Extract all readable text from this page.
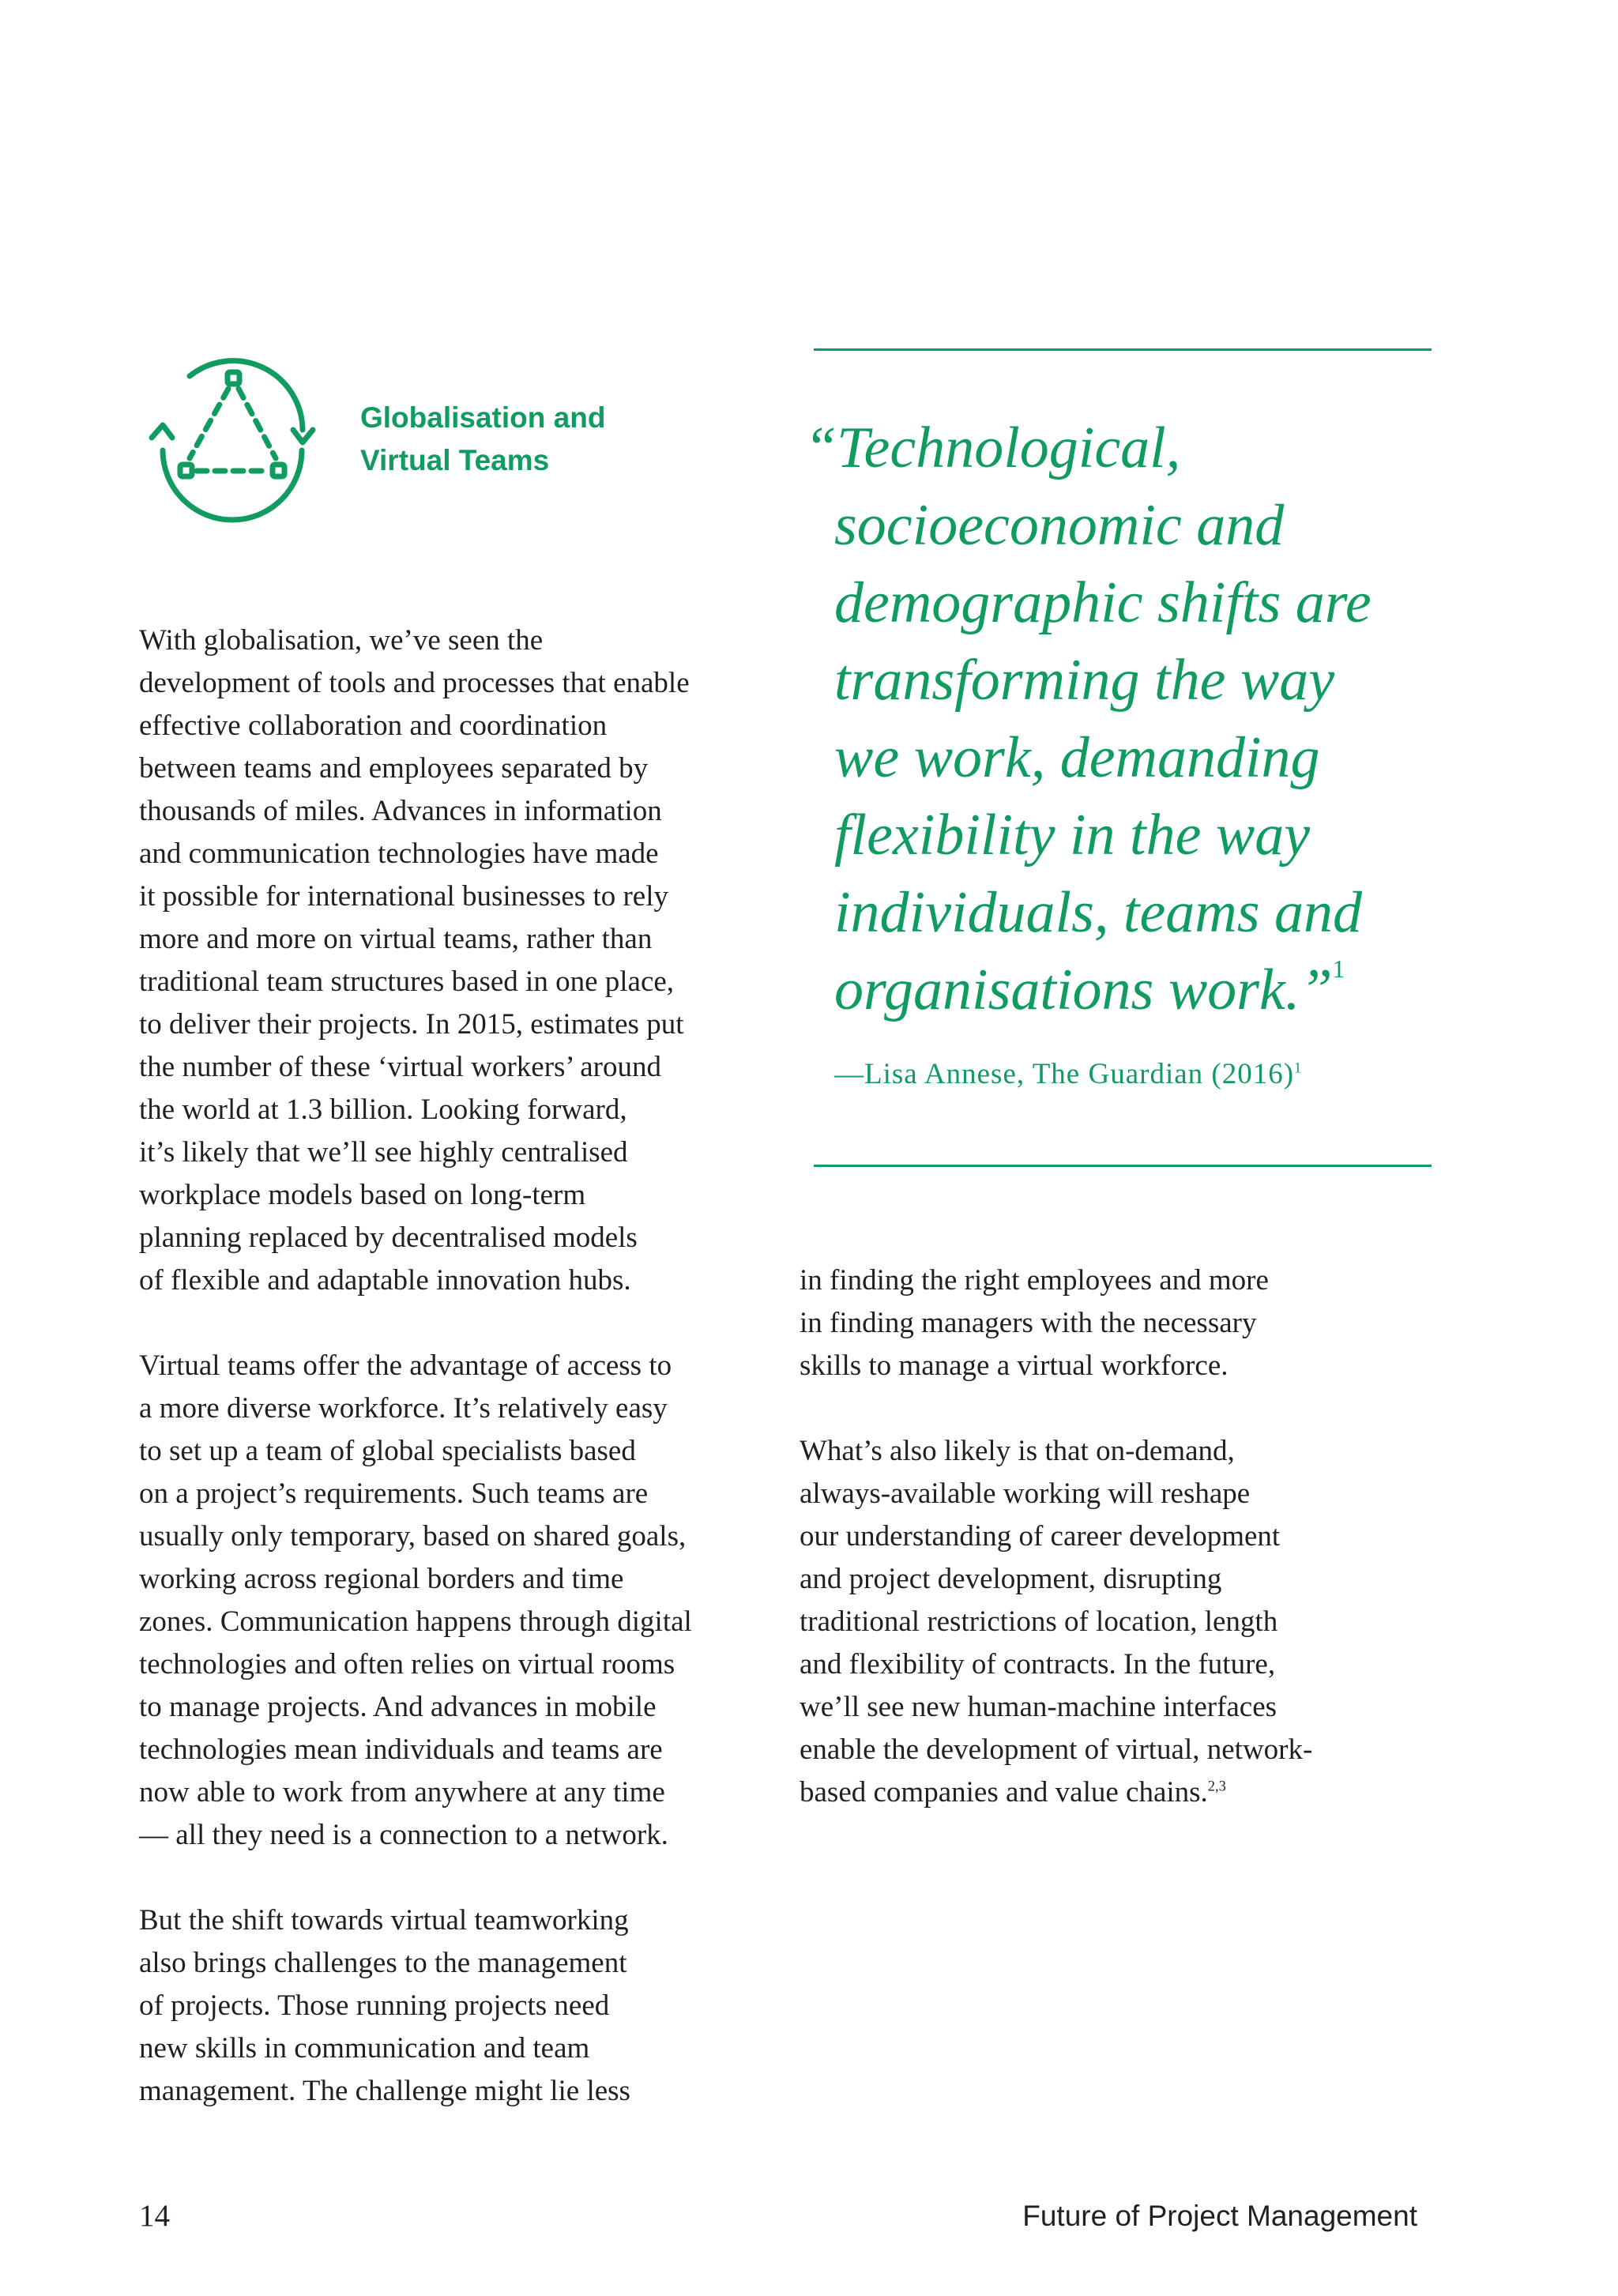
Globalisation and
Virtual Teams

With globalisation, we’ve seen the
development of tools and processes that enable
effective collaboration and coordination
between teams and employees separated by
thousands of miles. Advances in information
and communication technologies have made
it possible for international businesses to rely
more and more on virtual teams, rather than
traditional team structures based in one place,
to deliver their projects. In 2015, estimates put
the number of these ‘virtual workers’ around
the world at 1.3 billion. Looking forward,
it’s likely that we’ll see highly centralised
workplace models based on long-term
planning replaced by decentralised models
of flexible and adaptable innovation hubs.

Virtual teams offer the advantage of access to
a more diverse workforce. It’s relatively easy
to set up a team of global specialists based
on a project’s requirements. Such teams are
usually only temporary, based on shared goals,
working across regional borders and time
zones. Communication happens through digital
technologies and often relies on virtual rooms
to manage projects. And advances in mobile
technologies mean individuals and teams are
now able to work from anywhere at any time
— all they need is a connection to a network.

But the shift towards virtual teamworking
also brings challenges to the management
of projects. Those running projects need
new skills in communication and team
management. The challenge might lie less

“Technological,
socioeconomic and
demographic shifts are
transforming the way
we work, demanding
flexibility in the way
individuals, teams and
organisations work.”$^1$
—Lisa Annese, The Guardian $(2016)^1$

in finding the right employees and more
in finding managers with the necessary
skills to manage a virtual workforce.

What’s also likely is that on-demand,
always-available working will reshape
our understanding of career development
and project development, disrupting
traditional restrictions of location, length
and flexibility of contracts. In the future,
we’ll see new human-machine interfaces
enable the development of virtual, network-
based companies and value chains.$^{2,3}$

14	Future of Project Management
